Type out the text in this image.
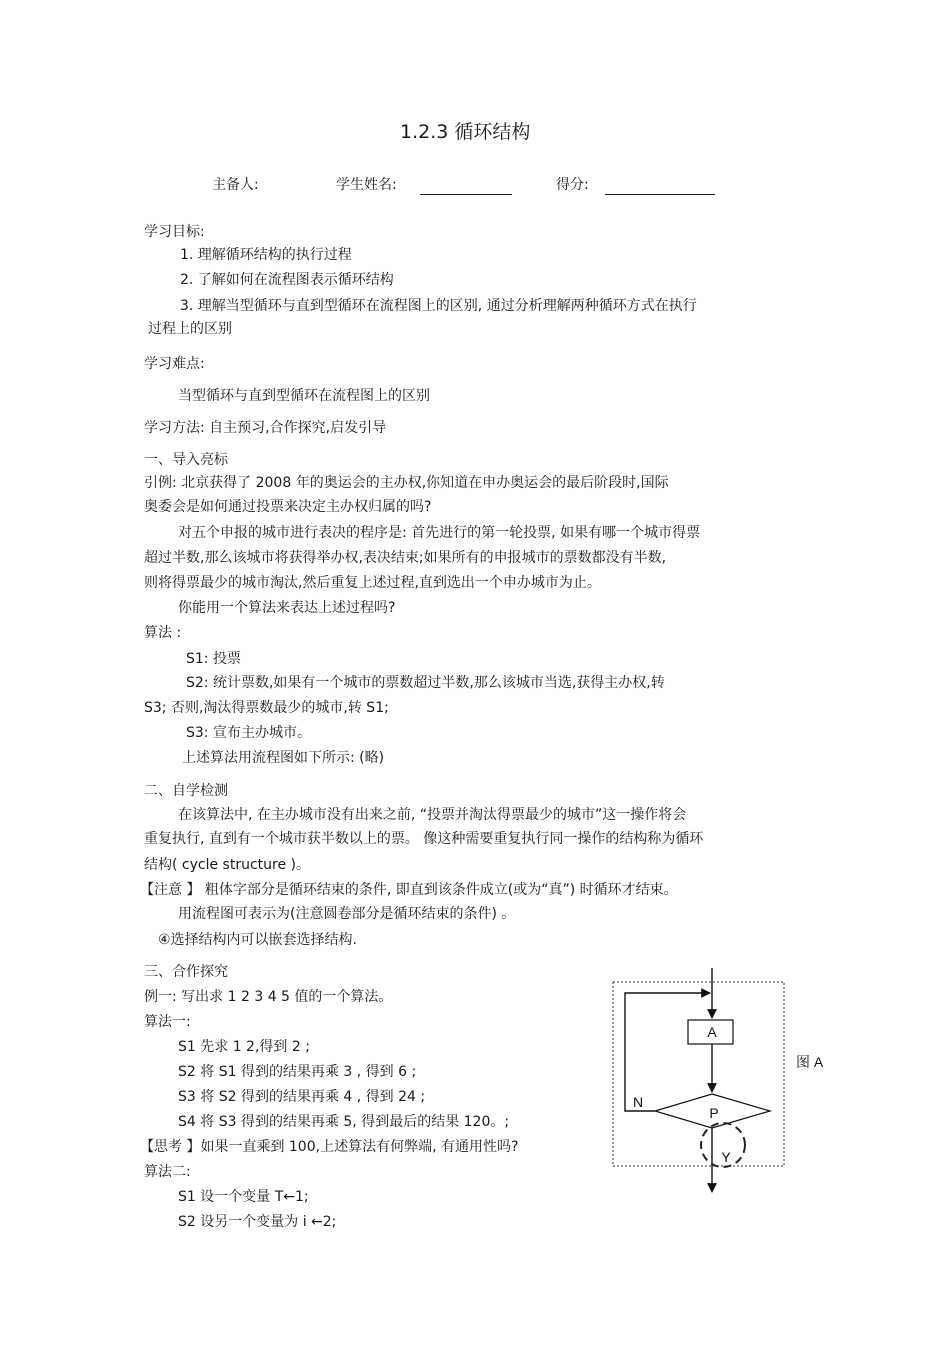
1.2.3 循环结构
主备人:	学生姓名:	得分:
学习目标:
1. 理解循环结构的执行过程
2. 了解如何在流程图表示循环结构
3. 理解当型循环与直到型循环在流程图上的区别, 通过分析理解两种循环方式在执行
过程上的区别
学习难点:
当型循环与直到型循环在流程图上的区别
学习方法: 自主预习,合作探究,启发引导
一、导入亮标
引例: 北京获得了 2008 年的奥运会的主办权,你知道在申办奥运会的最后阶段时,国际
奥委会是如何通过投票来决定主办权归属的吗?
对五个申报的城市进行表决的程序是: 首先进行的第一轮投票, 如果有哪一个城市得票
超过半数,那么该城市将获得举办权,表决结束;如果所有的申报城市的票数都没有半数,
则将得票最少的城市淘汰,然后重复上述过程,直到选出一个申办城市为止。
你能用一个算法来表达上述过程吗?
算法 :
S1: 投票
S2: 统计票数,如果有一个城市的票数超过半数,那么该城市当选,获得主办权,转
S3; 否则,淘汰得票数最少的城市,转 S1;
S3: 宣布主办城市。
上述算法用流程图如下所示: (略)
二、自学检测
在该算法中, 在主办城市没有出来之前, “投票并淘汰得票最少的城市”这一操作将会
重复执行, 直到有一个城市获半数以上的票。 像这种需要重复执行同一操作的结构称为循环
结构( cycle structure )。
【注意 】 粗体字部分是循环结束的条件, 即直到该条件成立(或为“真”) 时循环才结束。
用流程图可表示为(注意圆卷部分是循环结束的条件) 。
④选择结构内可以嵌套选择结构.
三、合作探究
例一: 写出求 1 2 3 4 5 值的一个算法。
算法一:
S1 先求 1 2,得到 2 ;
S2 将 S1 得到的结果再乘 3 , 得到 6 ;
S3 将 S2 得到的结果再乘 4 , 得到 24 ;
S4 将 S3 得到的结果再乘 5, 得到最后的结果 120。;
【思考 】如果一直乘到 100,上述算法有何弊端, 有通用性吗?
算法二:
S1 设一个变量 T←1;
S2 设另一个变量为 i ←2;
A
P
N
Y
图 A
